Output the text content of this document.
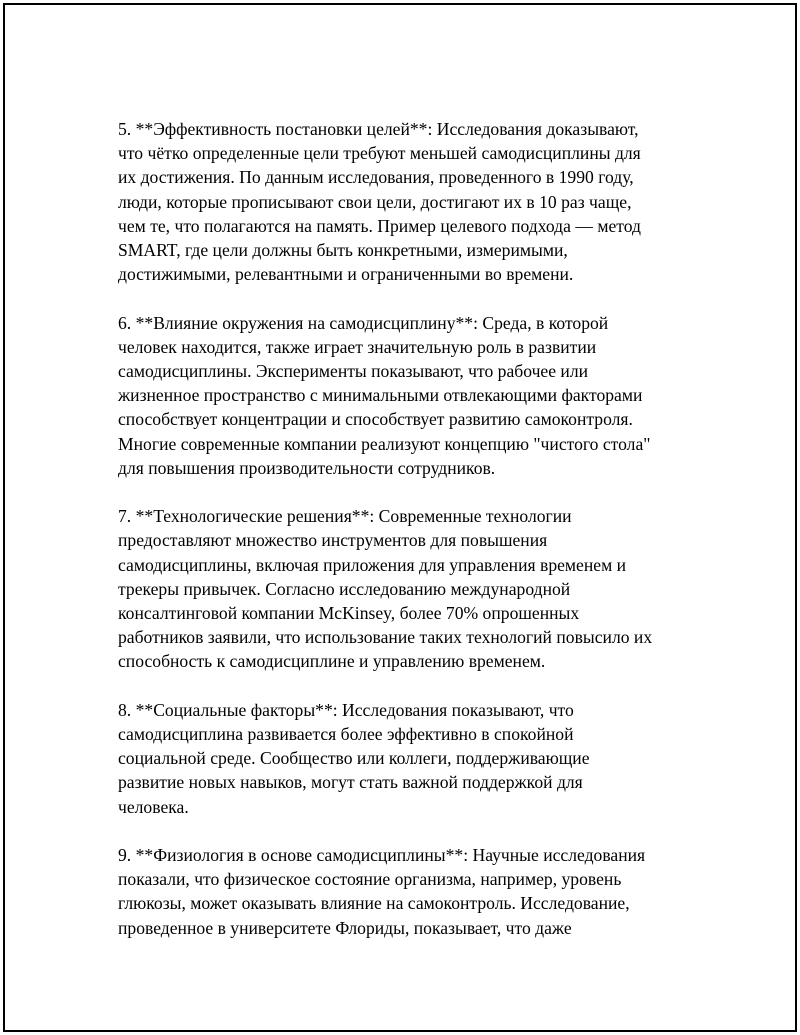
5. **Эффективность постановки целей**: Исследования доказывают,
что чётко определенные цели требуют меньшей самодисциплины для
их достижения. По данным исследования, проведенного в 1990 году,
люди, которые прописывают свои цели, достигают их в 10 раз чаще,
чем те, что полагаются на память. Пример целевого подхода — метод
SMART, где цели должны быть конкретными, измеримыми,
достижимыми, релевантными и ограниченными во времени.

6. **Влияние окружения на самодисциплину**: Среда, в которой
человек находится, также играет значительную роль в развитии
самодисциплины. Эксперименты показывают, что рабочее или
жизненное пространство с минимальными отвлекающими факторами
способствует концентрации и способствует развитию самоконтроля.
Многие современные компании реализуют концепцию "чистого стола"
для повышения производительности сотрудников.

7. **Технологические решения**: Современные технологии
предоставляют множество инструментов для повышения
самодисциплины, включая приложения для управления временем и
трекеры привычек. Согласно исследованию международной
консалтинговой компании McKinsey, более 70% опрошенных
работников заявили, что использование таких технологий повысило их
способность к самодисциплине и управлению временем.

8. **Социальные факторы**: Исследования показывают, что
самодисциплина развивается более эффективно в спокойной
социальной среде. Сообщество или коллеги, поддерживающие
развитие новых навыков, могут стать важной поддержкой для
человека.

9. **Физиология в основе самодисциплины**: Научные исследования
показали, что физическое состояние организма, например, уровень
глюкозы, может оказывать влияние на самоконтроль. Исследование,
проведенное в университете Флориды, показывает, что даже
